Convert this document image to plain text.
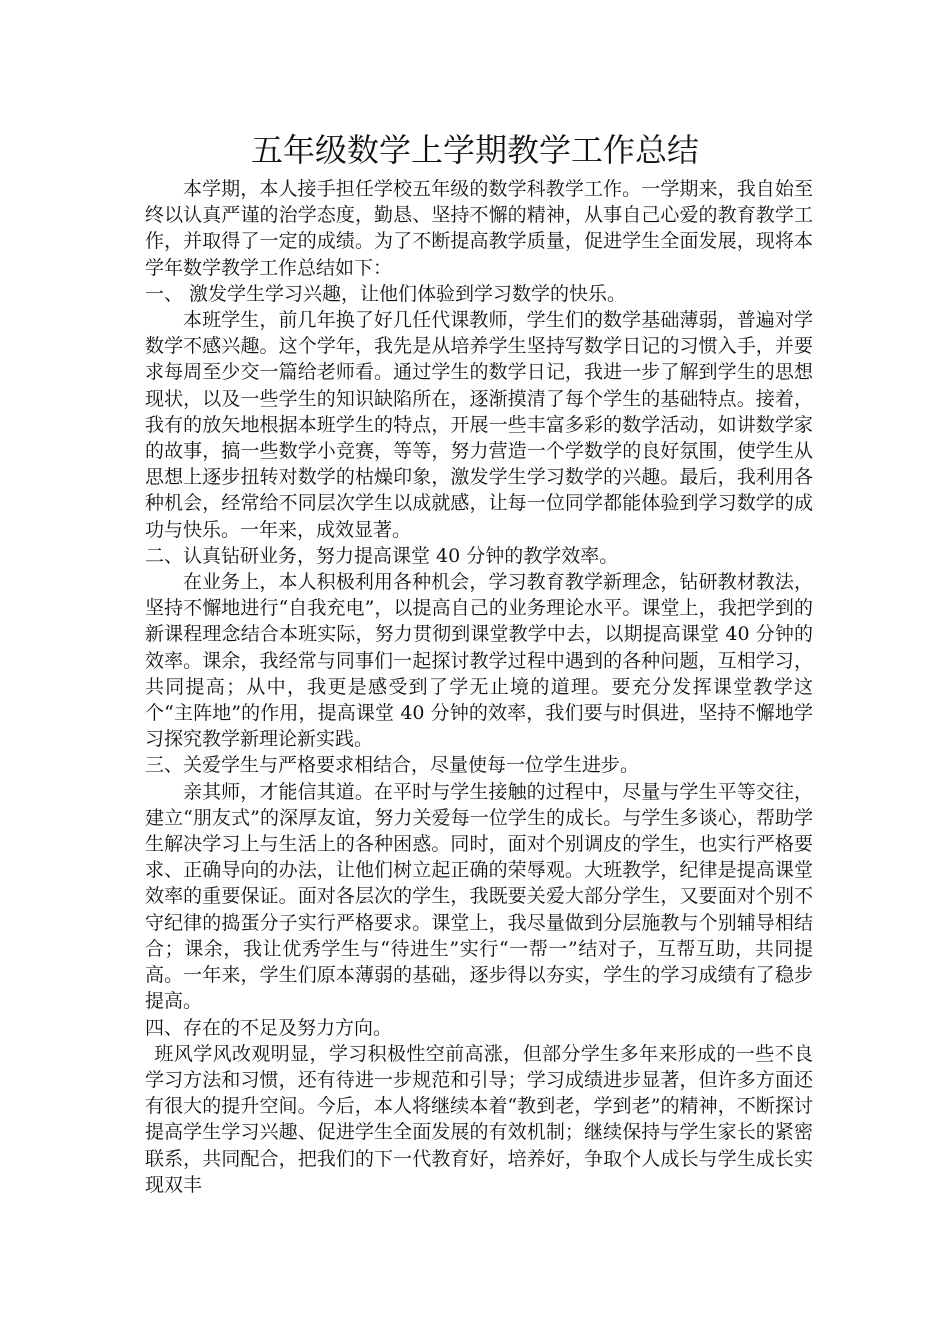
五年级数学上学期教学工作总结

本学期，本人接手担任学校五年级的数学科教学工作。一学期来，我自始至终以认真严谨的治学态度，勤恳、坚持不懈的精神，从事自己心爱的教育教学工作，并取得了一定的成绩。为了不断提高教学质量，促进学生全面发展，现将本学年数学教学工作总结如下：

一、 激发学生学习兴趣，让他们体验到学习数学的快乐。

本班学生，前几年换了好几任代课教师，学生们的数学基础薄弱，普遍对学数学不感兴趣。这个学年，我先是从培养学生坚持写数学日记的习惯入手，并要求每周至少交一篇给老师看。通过学生的数学日记，我进一步了解到学生的思想现状，以及一些学生的知识缺陷所在，逐渐摸清了每个学生的基础特点。接着，我有的放矢地根据本班学生的特点，开展一些丰富多彩的数学活动，如讲数学家的故事，搞一些数学小竞赛，等等，努力营造一个学数学的良好氛围，使学生从思想上逐步扭转对数学的枯燥印象，激发学生学习数学的兴趣。最后，我利用各种机会，经常给不同层次学生以成就感，让每一位同学都能体验到学习数学的成功与快乐。一年来，成效显著。

二、认真钻研业务，努力提高课堂 40 分钟的教学效率。

在业务上，本人积极利用各种机会，学习教育教学新理念，钻研教材教法，坚持不懈地进行“自我充电”，以提高自己的业务理论水平。课堂上，我把学到的新课程理念结合本班实际，努力贯彻到课堂教学中去，以期提高课堂 40 分钟的效率。课余，我经常与同事们一起探讨教学过程中遇到的各种问题，互相学习，共同提高；从中，我更是感受到了学无止境的道理。要充分发挥课堂教学这个“主阵地”的作用，提高课堂 40 分钟的效率，我们要与时俱进，坚持不懈地学习探究教学新理论新实践。

三、关爱学生与严格要求相结合，尽量使每一位学生进步。

亲其师，才能信其道。在平时与学生接触的过程中，尽量与学生平等交往，建立“朋友式”的深厚友谊，努力关爱每一位学生的成长。与学生多谈心，帮助学生解决学习上与生活上的各种困惑。同时，面对个别调皮的学生，也实行严格要求、正确导向的办法，让他们树立起正确的荣辱观。大班教学，纪律是提高课堂效率的重要保证。面对各层次的学生，我既要关爱大部分学生，又要面对个别不守纪律的捣蛋分子实行严格要求。课堂上，我尽量做到分层施教与个别辅导相结合；课余，我让优秀学生与“待进生”实行“一帮一”结对子，互帮互助，共同提高。一年来，学生们原本薄弱的基础，逐步得以夯实，学生的学习成绩有了稳步提高。

四、存在的不足及努力方向。

班风学风改观明显，学习积极性空前高涨，但部分学生多年来形成的一些不良学习方法和习惯，还有待进一步规范和引导；学习成绩进步显著，但许多方面还有很大的提升空间。今后，本人将继续本着“教到老，学到老”的精神，不断探讨提高学生学习兴趣、促进学生全面发展的有效机制；继续保持与学生家长的紧密联系，共同配合，把我们的下一代教育好，培养好，争取个人成长与学生成长实现双丰
